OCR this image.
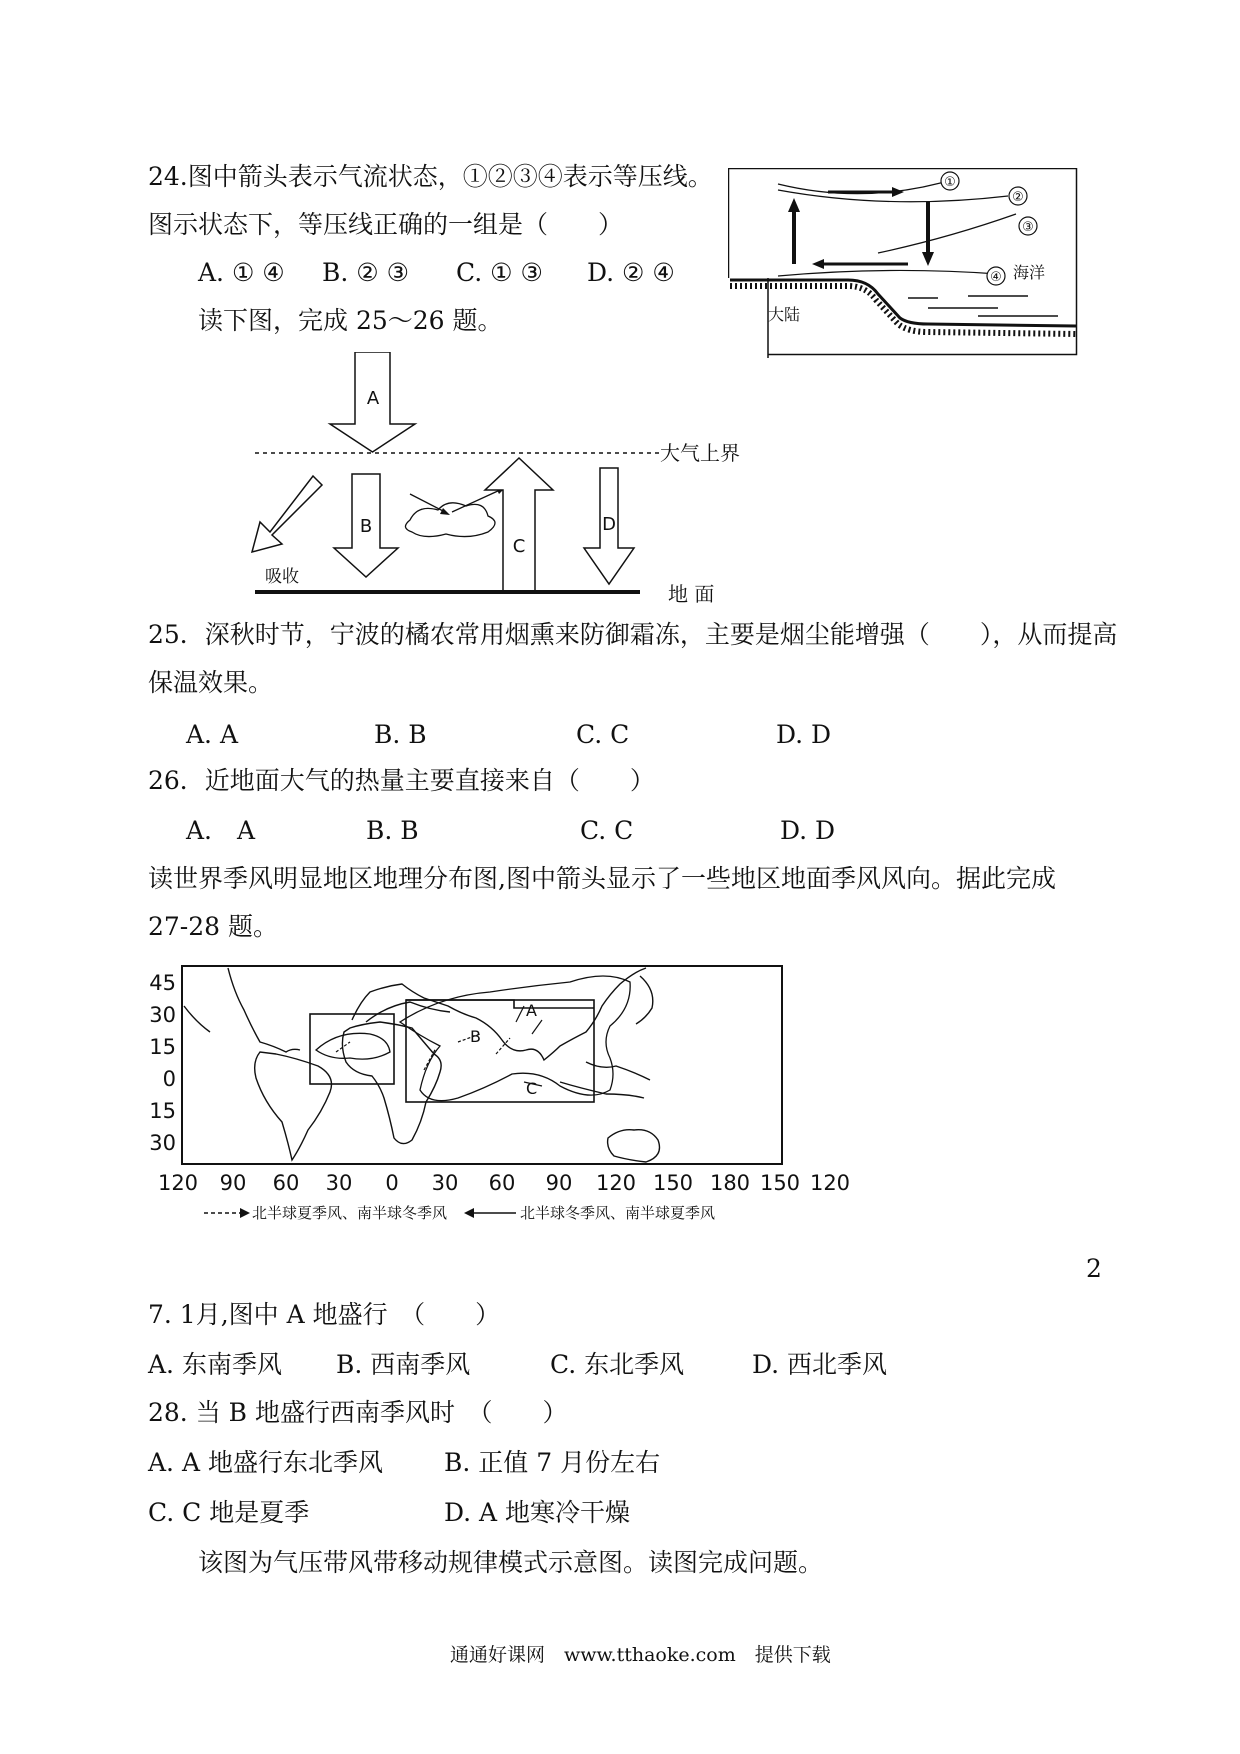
24.图中箭头表示气流状态，①②③④表示等压线。
图示状态下，等压线正确的一组是（　　）
A. ① ④ B. ② ③ C. ① ③ D. ② ④
读下图，完成 25～26 题。
①
②
③
④ 海洋
大陆
A
大气上界
吸收
B
C
D
地 面
25．深秋时节，宁波的橘农常用烟熏来防御霜冻，主要是烟尘能增强（　　），从而提高
保温效果。
A. A	B. B	C. C	D. D
26．近地面大气的热量主要直接来自（　　）
A.　A	B. B	C. C	D. D
读世界季风明显地区地理分布图,图中箭头显示了一些地区地面季风风向。据此完成
27-28 题。
45
30
15
0
15
30
120 90 60 30 0 30 60 90 120 150 180 150 120
A
B
C
北半球夏季风、南半球冬季风	北半球冬季风、南半球夏季风
2
7. 1月,图中 A 地盛行　（　　）
A. 东南季风 B. 西南季风	C. 东北季风	D. 西北季风
28. 当 B 地盛行西南季风时　（　　）
A. A 地盛行东北季风 B. 正值 7 月份左右
C. C 地是夏季	D. A 地寒冷干燥
该图为气压带风带移动规律模式示意图。读图完成问题。
通通好课网　www.tthaoke.com　提供下载
